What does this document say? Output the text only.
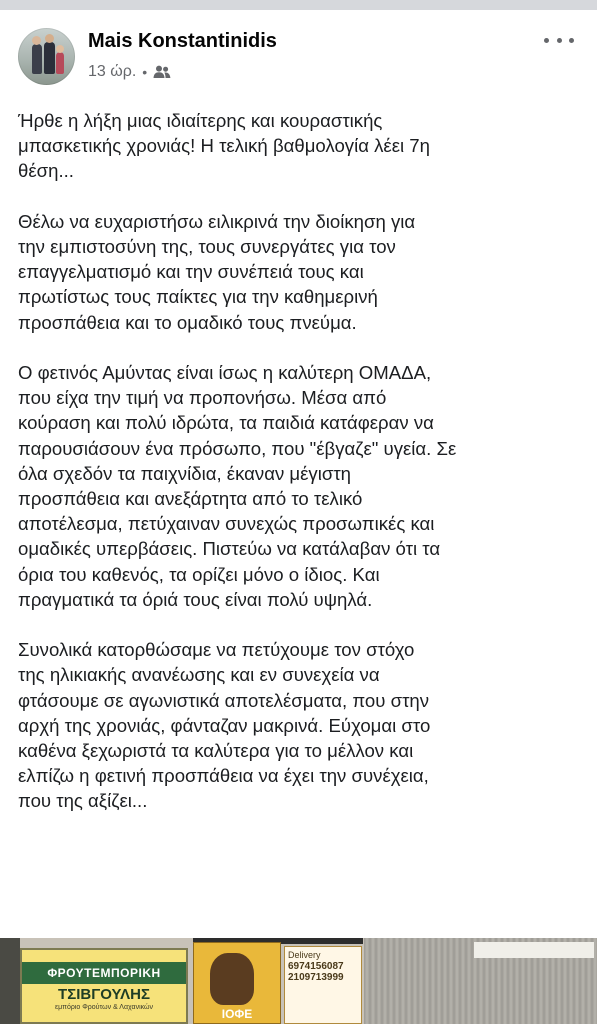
Mais Konstantinidis
13 ώρ. •

Ήρθε η λήξη μιας ιδιαίτερης και κουραστικής
μπασκετικής χρονιάς! Η τελική βαθμολογία λέει 7η
θέση...

Θέλω να ευχαριστήσω ειλικρινά την διοίκηση για
την εμπιστοσύνη της, τους συνεργάτες για τον
επαγγελματισμό και την συνέπειά τους και
πρωτίστως τους παίκτες για την καθημερινή
προσπάθεια και το ομαδικό τους πνεύμα.

Ο φετινός Αμύντας είναι ίσως η καλύτερη ΟΜΑΔΑ,
που είχα την τιμή να προπονήσω. Μέσα από
κούραση και πολύ ιδρώτα, τα παιδιά κατάφεραν να
παρουσιάσουν ένα πρόσωπο, που "έβγαζε" υγεία. Σε
όλα σχεδόν τα παιχνίδια, έκαναν μέγιστη
προσπάθεια και ανεξάρτητα από το τελικό
αποτέλεσμα, πετύχαιναν συνεχώς προσωπικές και
ομαδικές υπερβάσεις. Πιστεύω να κατάλαβαν ότι τα
όρια του καθενός, τα ορίζει μόνο ο ίδιος. Και
πραγματικά τα όριά τους είναι πολύ υψηλά.

Συνολικά κατορθώσαμε να πετύχουμε τον στόχο
της ηλικιακής ανανέωσης και εν συνεχεία να
φτάσουμε σε αγωνιστικά αποτελέσματα, που στην
αρχή της χρονιάς, φάνταζαν μακρινά. Εύχομαι στο
καθένα ξεχωριστά τα καλύτερα για το μέλλον και
ελπίζω η φετινή προσπάθεια να έχει την συνέχεια,
που της αξίζει...

ΦΡΟΥΤΕΜΠΟΡΙΚΗ
ΤΣΙΒΓΟΥΛΗΣ
εμπόριο Φρούτων & Λαχανικών	ΙΟΦΕ
Delivery
6974156087
2109713999
